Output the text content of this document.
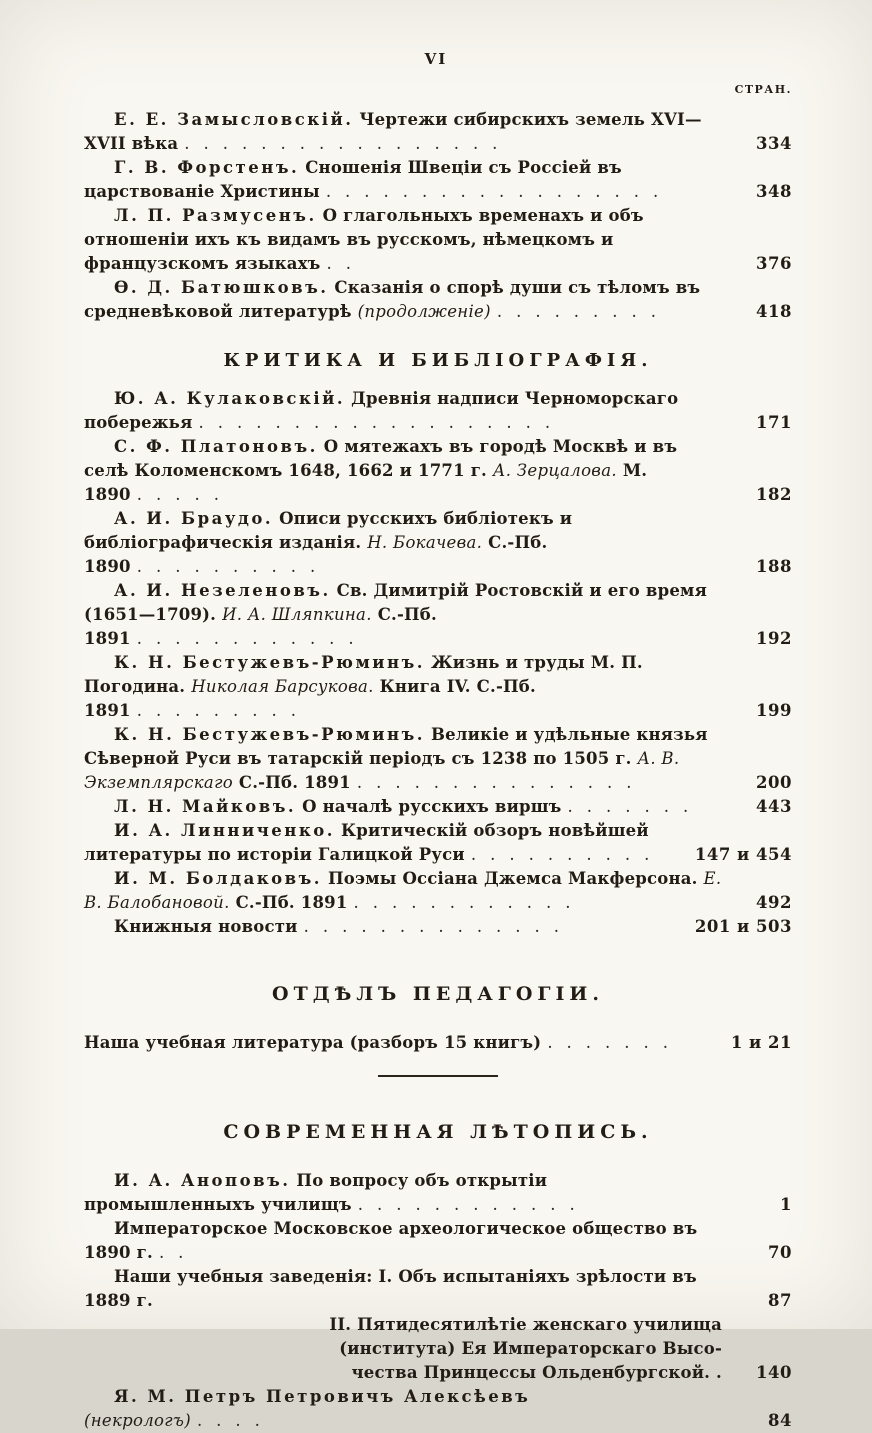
VI
СТРАН.
Е. Е. Замысловскій. Чертежи сибирскихъ земель XVI—XVII вѣка .................	334
Г. В. Форстенъ. Сношенія Швеціи съ Россіей въ царствованіе Христины ..................	348
Л. П. Размусенъ. О глагольныхъ временахъ и объ отношеніи ихъ къ видамъ въ русскомъ, нѣмецкомъ и французскомъ языкахъ ..	376
Ѳ. Д. Батюшковъ. Сказанія о спорѣ души съ тѣломъ въ средневѣковой литературѣ (продолженіе) .........	418
КРИТИКА И БИБЛІОГРАФІЯ.
Ю. А. Кулаковскій. Древнія надписи Черноморскаго побережья ...................	171
С. Ф. Платоновъ. О мятежахъ въ городѣ Москвѣ и въ селѣ Коломенскомъ 1648, 1662 и 1771 г. А. Зерцалова. М. 1890 .....	182
А. И. Браудо. Описи русскихъ библіотекъ и библіографическія изданія. Н. Бокачева. С.-Пб. 1890 ..........	188
А. И. Незеленовъ. Св. Димитрій Ростовскій и его время (1651—1709). И. А. Шляпкина. С.-Пб. 1891 ............	192
К. Н. Бестужевъ-Рюминъ. Жизнь и труды М. П. Погодина. Николая Барсукова. Книга IV. С.-Пб. 1891 .........	199
К. Н. Бестужевъ-Рюминъ. Великіе и удѣльные князья Сѣверной Руси въ татарскій періодъ съ 1238 по 1505 г. А. В. Экземплярскаго С.-Пб. 1891 ...............	200
Л. Н. Майковъ. О началѣ русскихъ виршъ .......	443
И. А. Линниченко. Критическій обзоръ новѣйшей литературы по исторіи Галицкой Руси .......... 147 и 454
И. М. Болдаковъ. Поэмы Оссіана Джемса Макферсона. Е. В. Балобановой. С.-Пб. 1891 ............	492
Книжныя новости ..............	201 и 503
ОТДѢЛЪ ПЕДАГОГІИ.
Наша учебная литература (разборъ 15 книгъ) .......	1 и 21
СОВРЕМЕННАЯ ЛѢТОПИСЬ.
И. А. Аноповъ. По вопросу объ открытіи промышленныхъ училищъ ............	1
Императорское Московское археологическое общество въ 1890 г. ..	70
Наши учебныя заведенія: I. Объ испытаніяхъ зрѣлости въ 1889 г.	87
II. Пятидесятилѣтіе женскаго училища
(института) Ея Императорскаго Высо-
чества Принцессы Ольденбургской. . 140
Я. М. Петръ Петровичъ Алексѣевъ (некрологъ) ....	84
